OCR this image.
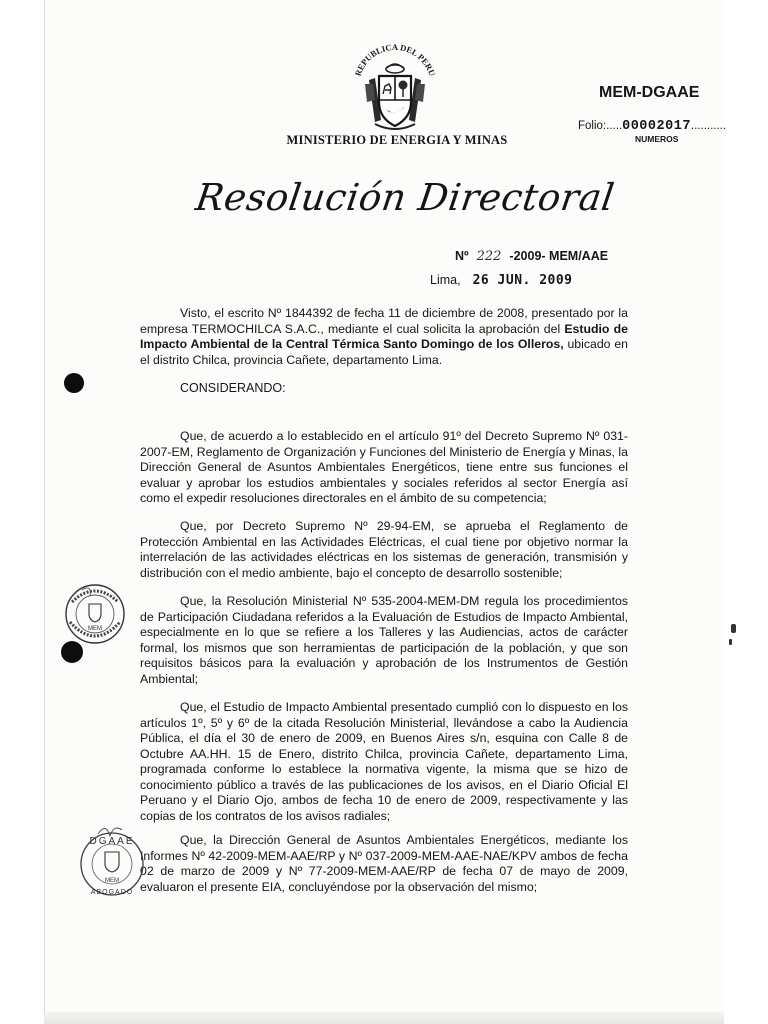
REPUBLICA DEL PERU
MINISTERIO DE ENERGIA Y MINAS
MEM-DGAAE
Folio:.....00002017...........
NUMEROS
Resolución Directoral
Nº 222 -2009- MEM/AAE
Lima, 26 JUN. 2009

Visto, el escrito Nº 1844392 de fecha 11 de diciembre de 2008, presentado por la empresa TERMOCHILCA S.A.C., mediante el cual solicita la aprobación del Estudio de Impacto Ambiental de la Central Térmica Santo Domingo de los Olleros, ubicado en el distrito Chilca, provincia Cañete, departamento Lima.

CONSIDERANDO:

Que, de acuerdo a lo establecido en el artículo 91º del Decreto Supremo Nº 031-2007-EM, Reglamento de Organización y Funciones del Ministerio de Energía y Minas, la Dirección General de Asuntos Ambientales Energéticos, tiene entre sus funciones el evaluar y aprobar los estudios ambientales y sociales referidos al sector Energía así como el expedir resoluciones directorales en el ámbito de su competencia;

Que, por Decreto Supremo Nº 29-94-EM, se aprueba el Reglamento de Protección Ambiental en las Actividades Eléctricas, el cual tiene por objetivo normar la interrelación de las actividades eléctricas en los sistemas de generación, transmisión y distribución con el medio ambiente, bajo el concepto de desarrollo sostenible;

Que, la Resolución Ministerial Nº 535-2004-MEM-DM regula los procedimientos de Participación Ciudadana referidos a la Evaluación de Estudios de Impacto Ambiental, especialmente en lo que se refiere a los Talleres y las Audiencias, actos de carácter formal, los mismos que son herramientas de participación de la población, y que son requisitos básicos para la evaluación y aprobación de los Instrumentos de Gestión Ambiental;

Que, el Estudio de Impacto Ambiental presentado cumplió con lo dispuesto en los artículos 1º, 5º y 6º de la citada Resolución Ministerial, llevándose a cabo la Audiencia Pública, el día el 30 de enero de 2009, en Buenos Aires s/n, esquina con Calle 8 de Octubre AA.HH. 15 de Enero, distrito Chilca, provincia Cañete, departamento Lima, programada conforme lo establece la normativa vigente, la misma que se hizo de conocimiento público a través de las publicaciones de los avisos, en el Diario Oficial El Peruano y el Diario Ojo, ambos de fecha 10 de enero de 2009, respectivamente y las copias de los contratos de los avisos radiales;

Que, la Dirección General de Asuntos Ambientales Energéticos, mediante los Informes Nº 42-2009-MEM-AAE/RP y Nº 037-2009-MEM-AAE-NAE/KPV ambos de fecha 02 de marzo de 2009 y Nº 77-2009-MEM-AAE/RP de fecha 07 de mayo de 2009, evaluaron el presente EIA, concluyéndose por la observación del mismo;

MEM
DGAAE
MEM
ABOGADO
